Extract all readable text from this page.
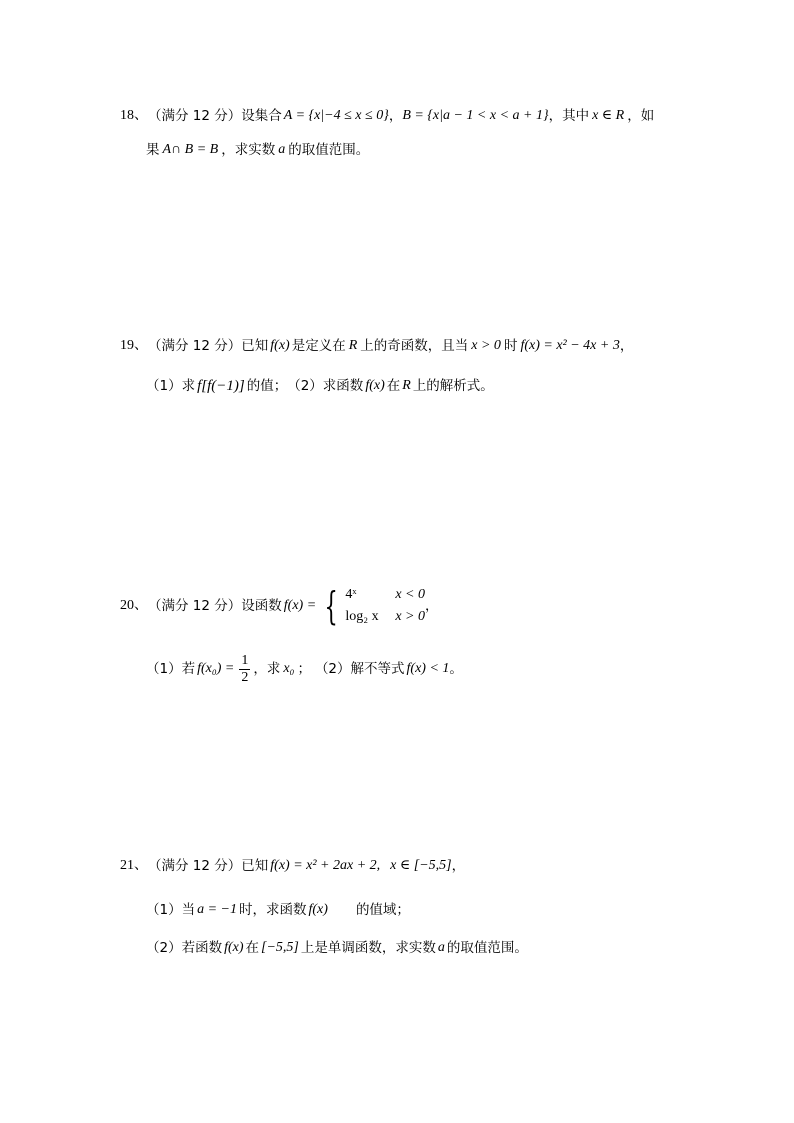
18、 （满分 12 分） 设集合 A = {x|−4 ≤ x ≤ 0} ， B = {x|a − 1 < x < a + 1} ，其中 x ∈ R ，如
果 A∩ B = B ，求实数 a 的取值范围。
19、 （满分 12 分） 已知 f(x) 是定义在 R 上的奇函数，且当 x > 0 时 f(x) = x² − 4x + 3 ，
（1）求 f[f(−1)] 的值； （2）求函数 f(x) 在 R 上的解析式。
20、 （满分 12 分） 设函数 f(x) = { 4ˣ	x < 0
log₂ x	x > 0
，
（1）若 $f(x_0) = \frac{1}{2}$ ，求 x₀ ； （2）解不等式 f(x) < 1 。
21、 （满分 12 分） 已知 f(x) = x² + 2ax + 2, x ∈ [−5,5] ，
（1）当 a = −1 时，求函数 f(x) 的值域；
（2）若函数 f(x) 在 [−5,5] 上是单调函数，求实数 a 的取值范围。
